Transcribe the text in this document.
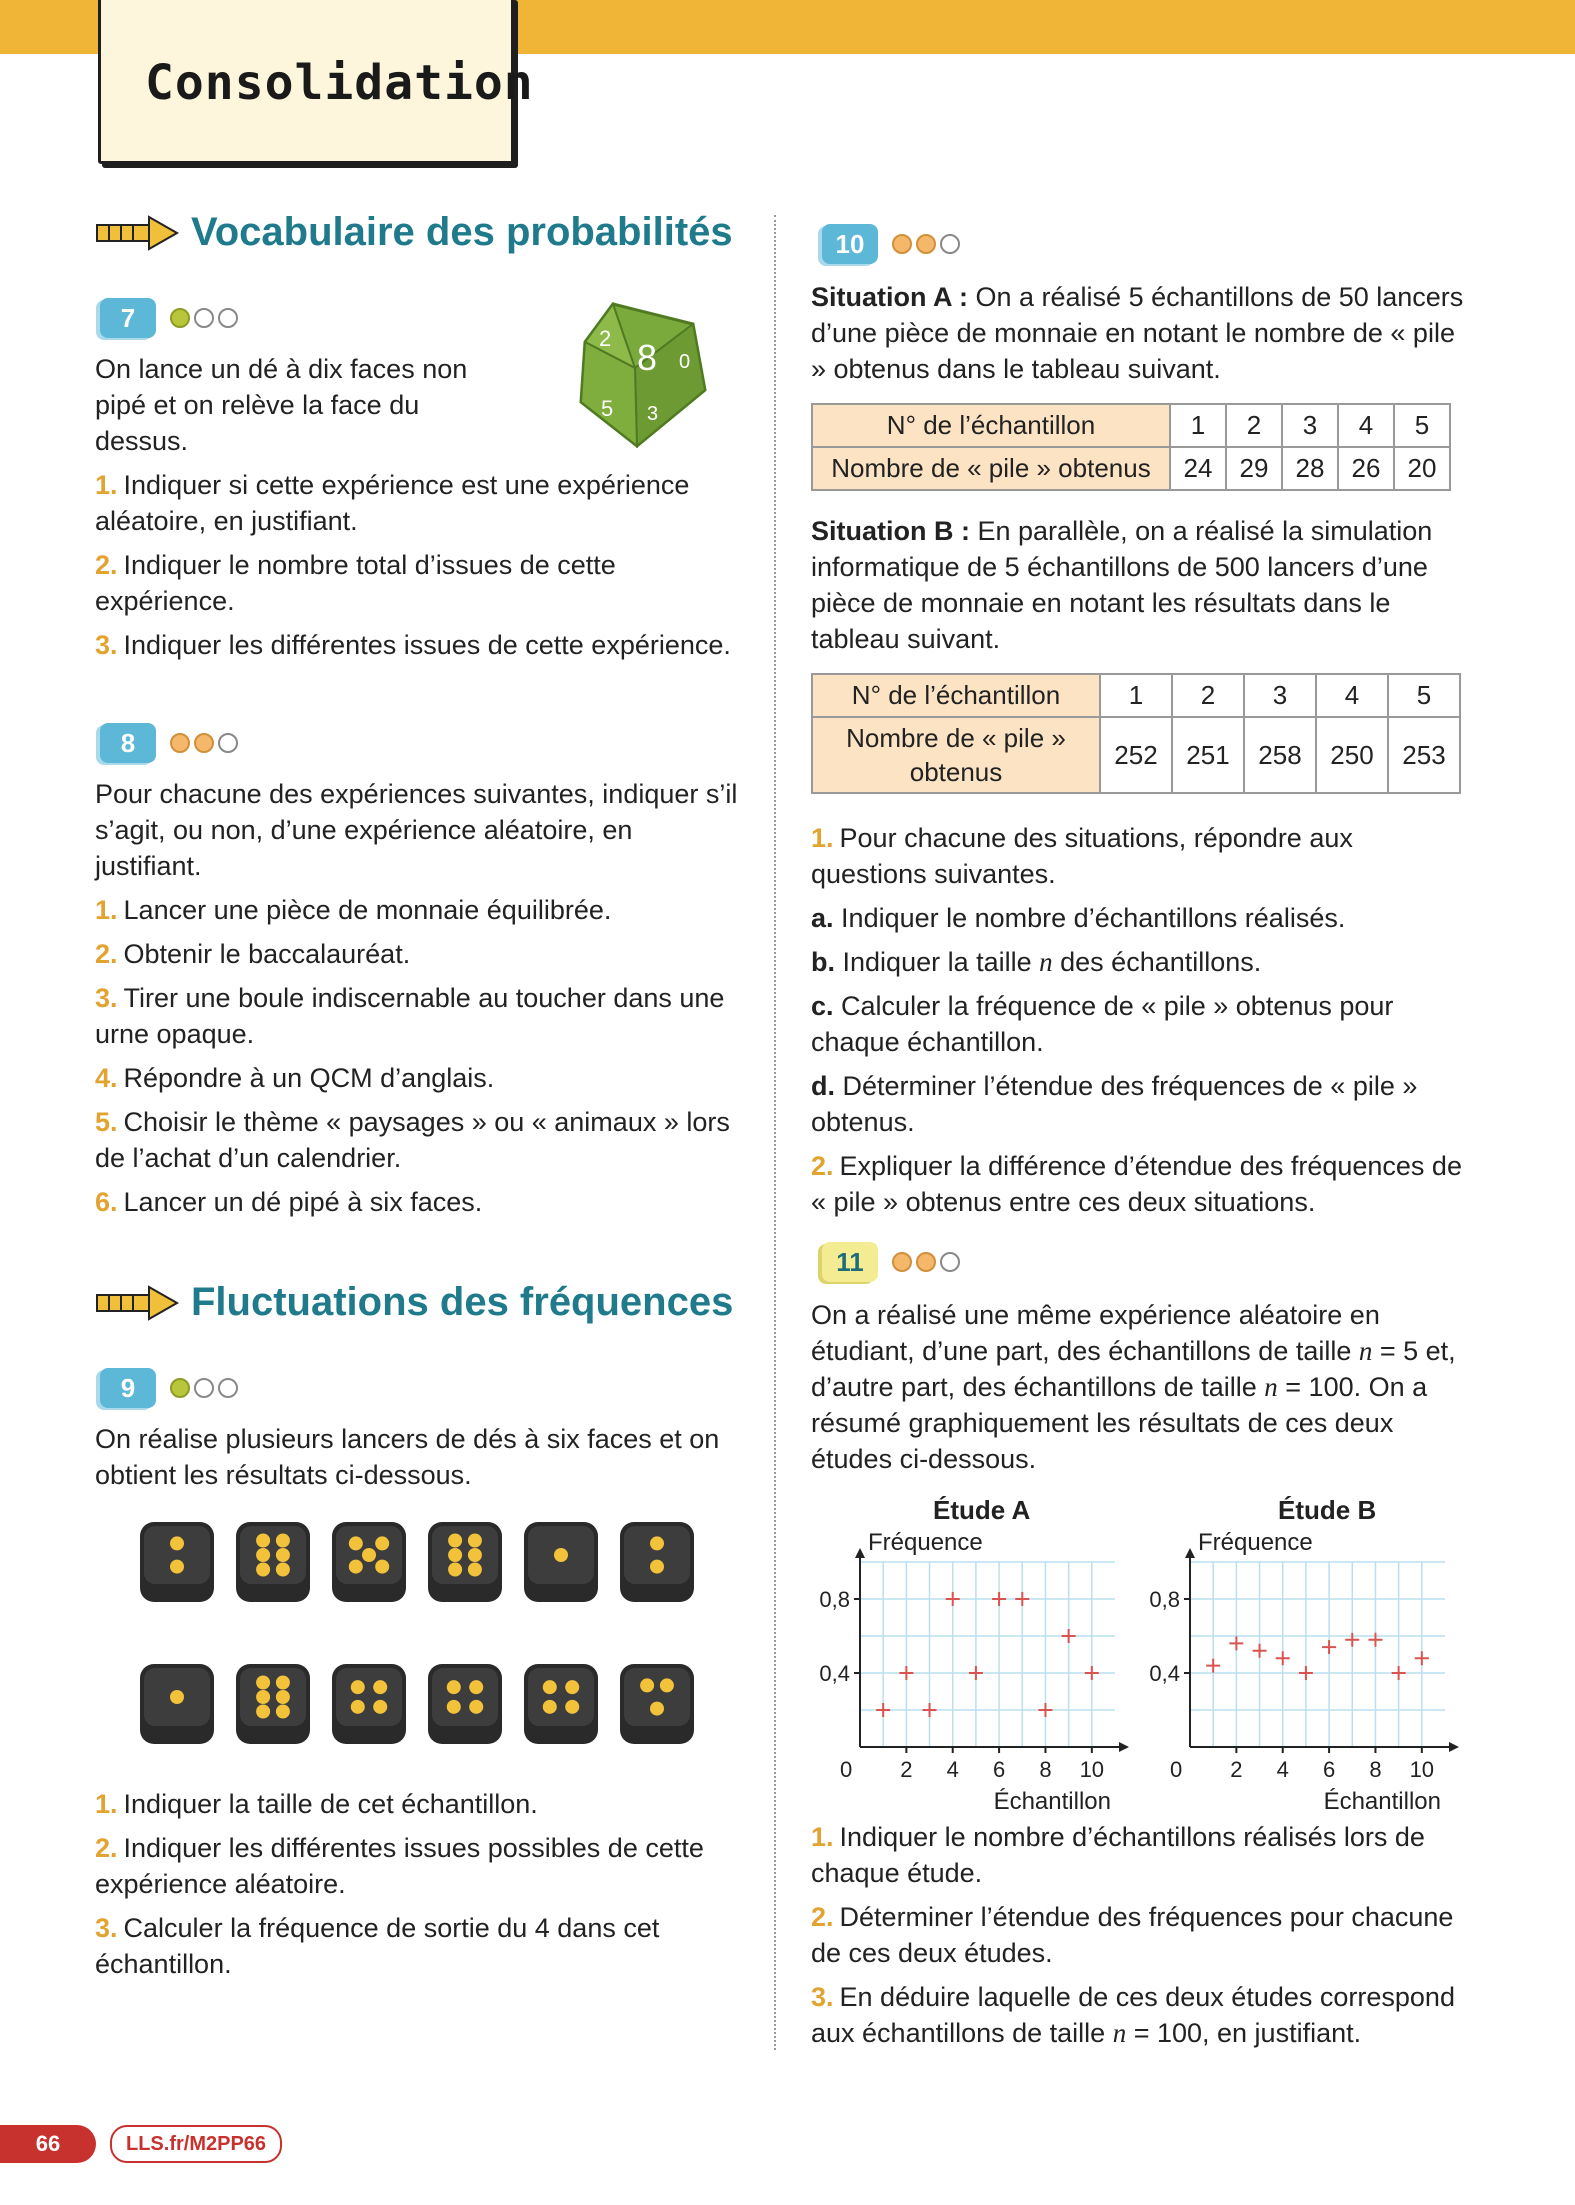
Consolidation
Vocabulaire des probabilités
7
On lance un dé à dix faces non pipé et on relève la face du dessus.
2 8 0
5 3

1. Indiquer si cette expérience est une expérience aléatoire, en justifiant.

2. Indiquer le nombre total d’issues de cette expérience.

3. Indiquer les différentes issues de cette expérience.

8

Pour chacune des expériences suivantes, indiquer s’il s’agit, ou non, d’une expérience aléatoire, en justifiant.

1. Lancer une pièce de monnaie équilibrée.

2. Obtenir le baccalauréat.

3. Tirer une boule indiscernable au toucher dans une urne opaque.

4. Répondre à un QCM d’anglais.

5. Choisir le thème « paysages » ou « animaux » lors de l’achat d’un calendrier.

6. Lancer un dé pipé à six faces.

Fluctuations des fréquences
9
On réalise plusieurs lancers de dés à six faces et on obtient les résultats ci-dessous.

1. Indiquer la taille de cet échantillon.

2. Indiquer les différentes issues possibles de cette expérience aléatoire.

3. Calculer la fréquence de sortie du 4 dans cet échantillon.

10
Situation A : On a réalisé 5 échantillons de 50 lancers d’une pièce de monnaie en notant le nombre de « pile » obtenus dans le tableau suivant.
N° de l’échantillon	1	2	3	4	5
Nombre de « pile » obtenus	24	29	28	26	20
Situation B : En parallèle, on a réalisé la simulation informatique de 5 échantillons de 500 lancers d’une pièce de monnaie en notant les résultats dans le tableau suivant.
N° de l’échantillon	1	2	3	4	5
Nombre de « pile » obtenus	252	251	258	250	253

1. Pour chacune des situations, répondre aux questions suivantes.

a. Indiquer le nombre d’échantillons réalisés.

b. Indiquer la taille n des échantillons.

c. Calculer la fréquence de « pile » obtenus pour chaque échantillon.

d. Déterminer l’étendue des fréquences de « pile » obtenus.

2. Expliquer la différence d’étendue des fréquences de « pile » obtenus entre ces deux situations.

11
On a réalisé une même expérience aléatoire en étudiant, d’une part, des échantillons de taille n = 5 et, d’autre part, des échantillons de taille n = 100. On a résumé graphiquement les résultats de ces deux études ci-dessous.
Étude A	Étude B
Fréquence
Échantillon
0 2 4 6 8 10
0,4
0,8
Fréquence
Échantillon
0 2 4 6 8 10
0,4
0,8

1. Indiquer le nombre d’échantillons réalisés lors de chaque étude.

2. Déterminer l’étendue des fréquences pour chacune de ces deux études.

3. En déduire laquelle de ces deux études correspond aux échantillons de taille n = 100, en justifiant.

66	LLS.fr/M2PP66
